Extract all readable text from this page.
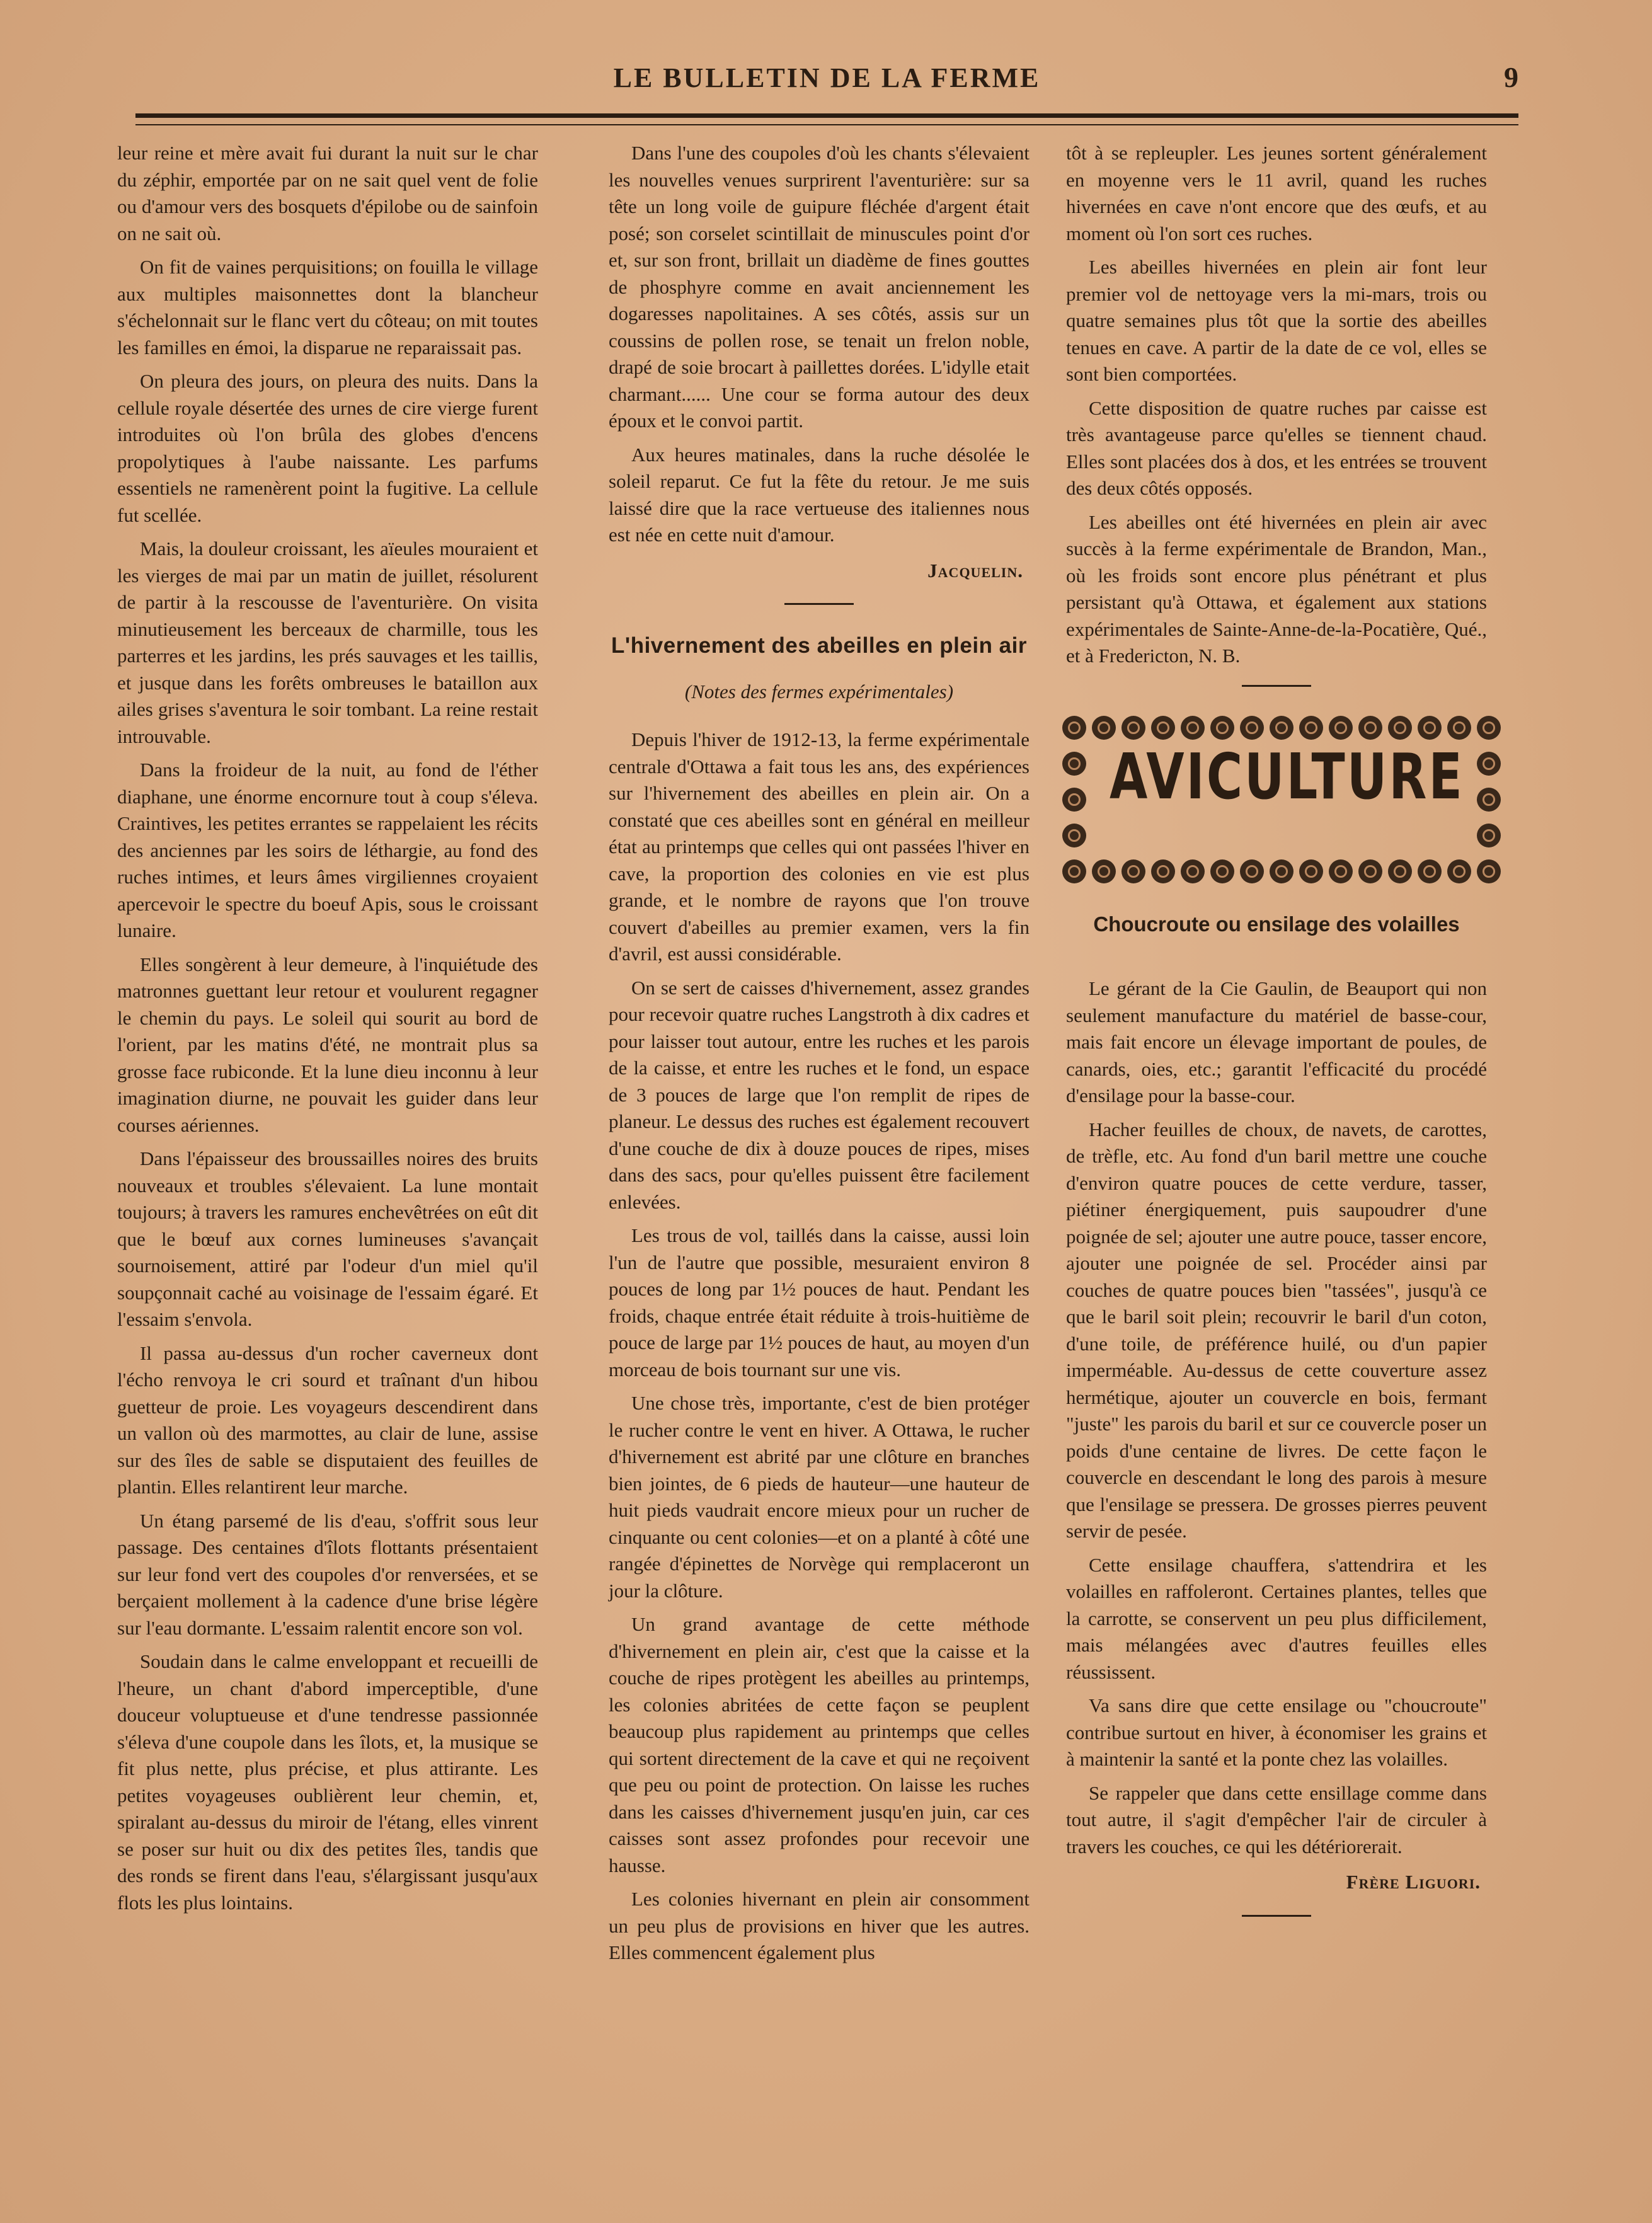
LE BULLETIN DE LA FERME	9

leur reine et mère avait fui durant la nuit sur le char du zéphir, emportée par on ne sait quel vent de folie ou d'amour vers des bosquets d'épilobe ou de sainfoin on ne sait où.

On fit de vaines perquisitions; on fouilla le village aux multiples maisonnettes dont la blancheur s'échelonnait sur le flanc vert du côteau; on mit toutes les familles en émoi, la disparue ne reparaissait pas.

On pleura des jours, on pleura des nuits. Dans la cellule royale désertée des urnes de cire vierge furent introduites où l'on brûla des globes d'encens propolytiques à l'aube naissante. Les parfums essentiels ne ramenèrent point la fugitive. La cellule fut scellée.

Mais, la douleur croissant, les aïeules mouraient et les vierges de mai par un matin de juillet, résolurent de partir à la rescousse de l'aventurière. On visita minutieusement les berceaux de charmille, tous les parterres et les jardins, les prés sauvages et les taillis, et jusque dans les forêts ombreuses le bataillon aux ailes grises s'aventura le soir tombant. La reine restait introuvable.

Dans la froideur de la nuit, au fond de l'éther diaphane, une énorme encornure tout à coup s'éleva. Craintives, les petites errantes se rappelaient les récits des anciennes par les soirs de léthargie, au fond des ruches intimes, et leurs âmes virgiliennes croyaient apercevoir le spectre du boeuf Apis, sous le croissant lunaire.

Elles songèrent à leur demeure, à l'inquiétude des matronnes guettant leur retour et voulurent regagner le chemin du pays. Le soleil qui sourit au bord de l'orient, par les matins d'été, ne montrait plus sa grosse face rubiconde. Et la lune dieu inconnu à leur imagination diurne, ne pouvait les guider dans leur courses aériennes.

Dans l'épaisseur des broussailles noires des bruits nouveaux et troubles s'élevaient. La lune montait toujours; à travers les ramures enchevêtrées on eût dit que le bœuf aux cornes lumineuses s'avançait sournoisement, attiré par l'odeur d'un miel qu'il soupçonnait caché au voisinage de l'essaim égaré. Et l'essaim s'envola.

Il passa au-dessus d'un rocher caverneux dont l'écho renvoya le cri sourd et traînant d'un hibou guetteur de proie. Les voyageurs descendirent dans un vallon où des marmottes, au clair de lune, assise sur des îles de sable se disputaient des feuilles de plantin. Elles relantirent leur marche.

Un étang parsemé de lis d'eau, s'offrit sous leur passage. Des centaines d'îlots flottants présentaient sur leur fond vert des coupoles d'or renversées, et se berçaient mollement à la cadence d'une brise légère sur l'eau dormante. L'essaim ralentit encore son vol.

Soudain dans le calme enveloppant et recueilli de l'heure, un chant d'abord imperceptible, d'une douceur voluptueuse et d'une tendresse passionnée s'éleva d'une coupole dans les îlots, et, la musique se fit plus nette, plus précise, et plus attirante. Les petites voyageuses oublièrent leur chemin, et, spiralant au-dessus du miroir de l'étang, elles vinrent se poser sur huit ou dix des petites îles, tandis que des ronds se firent dans l'eau, s'élargissant jusqu'aux flots les plus lointains.

Dans l'une des coupoles d'où les chants s'élevaient les nouvelles venues surprirent l'aventurière: sur sa tête un long voile de guipure fléchée d'argent était posé; son corselet scintillait de minuscules point d'or et, sur son front, brillait un diadème de fines gouttes de phosphyre comme en avait anciennement les dogaresses napolitaines. A ses côtés, assis sur un coussins de pollen rose, se tenait un frelon noble, drapé de soie brocart à paillettes dorées. L'idylle etait charmant...... Une cour se forma autour des deux époux et le convoi partit.

Aux heures matinales, dans la ruche désolée le soleil reparut. Ce fut la fête du retour. Je me suis laissé dire que la race vertueuse des italiennes nous est née en cette nuit d'amour.

Jacquelin.

L'hivernement des abeilles en plein air
(Notes des fermes expérimentales)

Depuis l'hiver de 1912-13, la ferme expérimentale centrale d'Ottawa a fait tous les ans, des expériences sur l'hivernement des abeilles en plein air. On a constaté que ces abeilles sont en général en meilleur état au printemps que celles qui ont passées l'hiver en cave, la proportion des colonies en vie est plus grande, et le nombre de rayons que l'on trouve couvert d'abeilles au premier examen, vers la fin d'avril, est aussi considérable.

On se sert de caisses d'hivernement, assez grandes pour recevoir quatre ruches Langstroth à dix cadres et pour laisser tout autour, entre les ruches et les parois de la caisse, et entre les ruches et le fond, un espace de 3 pouces de large que l'on remplit de ripes de planeur. Le dessus des ruches est également recouvert d'une couche de dix à douze pouces de ripes, mises dans des sacs, pour qu'elles puissent être facilement enlevées.

Les trous de vol, taillés dans la caisse, aussi loin l'un de l'autre que possible, mesuraient environ 8 pouces de long par 1½ pouces de haut. Pendant les froids, chaque entrée était réduite à trois-huitième de pouce de large par 1½ pouces de haut, au moyen d'un morceau de bois tournant sur une vis.

Une chose très, importante, c'est de bien protéger le rucher contre le vent en hiver. A Ottawa, le rucher d'hivernement est abrité par une clôture en branches bien jointes, de 6 pieds de hauteur—une hauteur de huit pieds vaudrait encore mieux pour un rucher de cinquante ou cent colonies—et on a planté à côté une rangée d'épinettes de Norvège qui remplaceront un jour la clôture.

Un grand avantage de cette méthode d'hivernement en plein air, c'est que la caisse et la couche de ripes protègent les abeilles au printemps, les colonies abritées de cette façon se peuplent beaucoup plus rapidement au printemps que celles qui sortent directement de la cave et qui ne reçoivent que peu ou point de protection. On laisse les ruches dans les caisses d'hivernement jusqu'en juin, car ces caisses sont assez profondes pour recevoir une hausse.

Les colonies hivernant en plein air consomment un peu plus de provisions en hiver que les autres. Elles commencent également plus

tôt à se repleupler. Les jeunes sortent généralement en moyenne vers le 11 avril, quand les ruches hivernées en cave n'ont encore que des œufs, et au moment où l'on sort ces ruches.

Les abeilles hivernées en plein air font leur premier vol de nettoyage vers la mi-mars, trois ou quatre semaines plus tôt que la sortie des abeilles tenues en cave. A partir de la date de ce vol, elles se sont bien comportées.

Cette disposition de quatre ruches par caisse est très avantageuse parce qu'elles se tiennent chaud. Elles sont placées dos à dos, et les entrées se trouvent des deux côtés opposés.

Les abeilles ont été hivernées en plein air avec succès à la ferme expérimentale de Brandon, Man., où les froids sont encore plus pénétrant et plus persistant qu'à Ottawa, et également aux stations expérimentales de Sainte-Anne-de-la-Pocatière, Qué., et à Fredericton, N. B.

AVICULTURE
Choucroute ou ensilage des volailles

Le gérant de la Cie Gaulin, de Beauport qui non seulement manufacture du matériel de basse-cour, mais fait encore un élevage important de poules, de canards, oies, etc.; garantit l'efficacité du procédé d'ensilage pour la basse-cour.

Hacher feuilles de choux, de navets, de carottes, de trèfle, etc. Au fond d'un baril mettre une couche d'environ quatre pouces de cette verdure, tasser, piétiner énergiquement, puis saupoudrer d'une poignée de sel; ajouter une autre pouce, tasser encore, ajouter une poignée de sel. Procéder ainsi par couches de quatre pouces bien "tassées", jusqu'à ce que le baril soit plein; recouvrir le baril d'un coton, d'une toile, de préférence huilé, ou d'un papier imperméable. Au-dessus de cette couverture assez hermétique, ajouter un couvercle en bois, fermant "juste" les parois du baril et sur ce couvercle poser un poids d'une centaine de livres. De cette façon le couvercle en descendant le long des parois à mesure que l'ensilage se pressera. De grosses pierres peuvent servir de pesée.

Cette ensilage chauffera, s'attendrira et les volailles en raffoleront. Certaines plantes, telles que la carrotte, se conservent un peu plus difficilement, mais mélangées avec d'autres feuilles elles réussissent.

Va sans dire que cette ensilage ou "choucroute" contribue surtout en hiver, à économiser les grains et à maintenir la santé et la ponte chez las volailles.

Se rappeler que dans cette ensillage comme dans tout autre, il s'agit d'empêcher l'air de circuler à travers les couches, ce qui les détériorerait.

Frère Liguori.
